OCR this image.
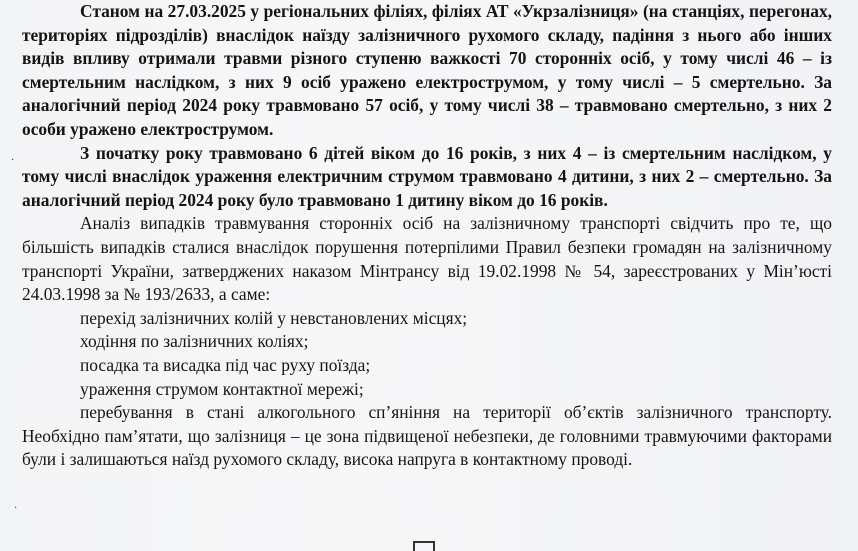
Станом на 27.03.2025 у регіональних філіях, філіях АТ «Укрзалізниця» (на станціях, перегонах, територіях підрозділів) внаслідок наїзду залізничного рухомого складу, падіння з нього або інших видів впливу отримали травми різного ступеню важкості 70 сторонніх осіб, у тому числі 46 – із смертельним наслідком, з них 9 осіб уражено електрострумом, у тому числі – 5 смертельно. За аналогічний період 2024 року травмовано 57 осіб, у тому числі 38 – травмовано смертельно, з них 2 особи уражено електрострумом.

З початку року травмовано 6 дітей віком до 16 років, з них 4 – із смертельним наслідком, у тому числі внаслідок ураження електричним струмом травмовано 4 дитини, з них 2 – смертельно. За аналогічний період 2024 року було травмовано 1 дитину віком до 16 років.

Аналіз випадків травмування сторонніх осіб на залізничному транспорті свідчить про те, що більшість випадків сталися внаслідок порушення потерпілими Правил безпеки громадян на залізничному транспорті України, затверджених наказом Мінтрансу від 19.02.1998 № 54, зареєстрованих у Мін’юсті 24.03.1998 за № 193/2633, а саме:

перехід залізничних колій у невстановлених місцях;

ходіння по залізничних коліях;

посадка та висадка під час руху поїзда;

ураження струмом контактної мережі;

перебування в стані алкогольного сп’яніння на території об’єктів залізничного транспорту. Необхідно пам’ятати, що залізниця – це зона підвищеної небезпеки, де головними травмуючими факторами були і залишаються наїзд рухомого складу, висока напруга в контактному проводі.

·
·
